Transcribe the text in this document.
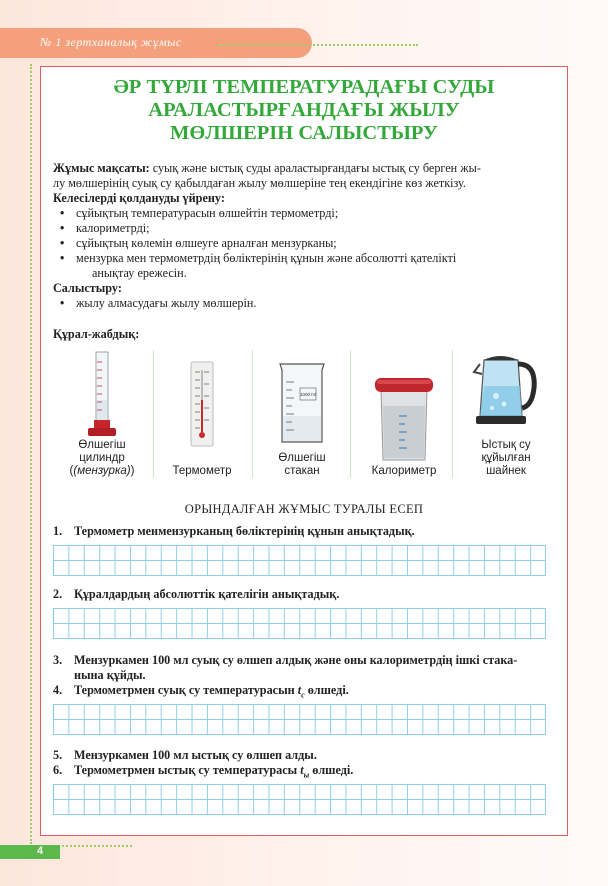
№ 1 зертханалық жұмыс
ӘР ТҮРЛІ ТЕМПЕРАТУРАДАҒЫ СУДЫ
АРАЛАСТЫРҒАНДАҒЫ ЖЫЛУ
МӨЛШЕРІН САЛЫСТЫРУ
Жұмыс мақсаты: суық және ыстық суды араластырғандағы ыстық су берген жы-
лу мөлшерінің суық су қабылдаған жылу мөлшеріне тең екендігіне көз жеткізу.
Келесілерді қолдануды үйрену:
• сұйықтың температурасын өлшейтін термометрді;
• калориметрді;
• сұйықтың көлемін өлшеуге арналған мензурканы;
• мензурка мен термометрдің бөліктерінің құнын және абсолютті қателікті
анықтау ережесін.
Салыстыру:
• жылу алмасудағы жылу мөлшерін.
Құрал-жабдық:
Өлшегіш
цилиндр
((мензурка))	Термометр
1000 ml
Өлшегіш
стакан	Калориметр
Ыстық су
құйылған
шайнек
ОРЫНДАЛҒАН ЖҰМЫС ТУРАЛЫ ЕСЕП
1. Термометр менмензурканың бөліктерінің құнын анықтадық.
2. Құралдардың абсолюттік қателігін анықтадық.
3. Мензуркамен 100 мл суық су өлшеп алдық және оны калориметрдің ішкі стака-
нына құйды.
4. Термометрмен суық су температурасын $t_с$ өлшеді.
5. Мензуркамен 100 мл ыстық су өлшеп алды.
6. Термометрмен ыстық су температурасы $t_ы$ өлшеді.
4
